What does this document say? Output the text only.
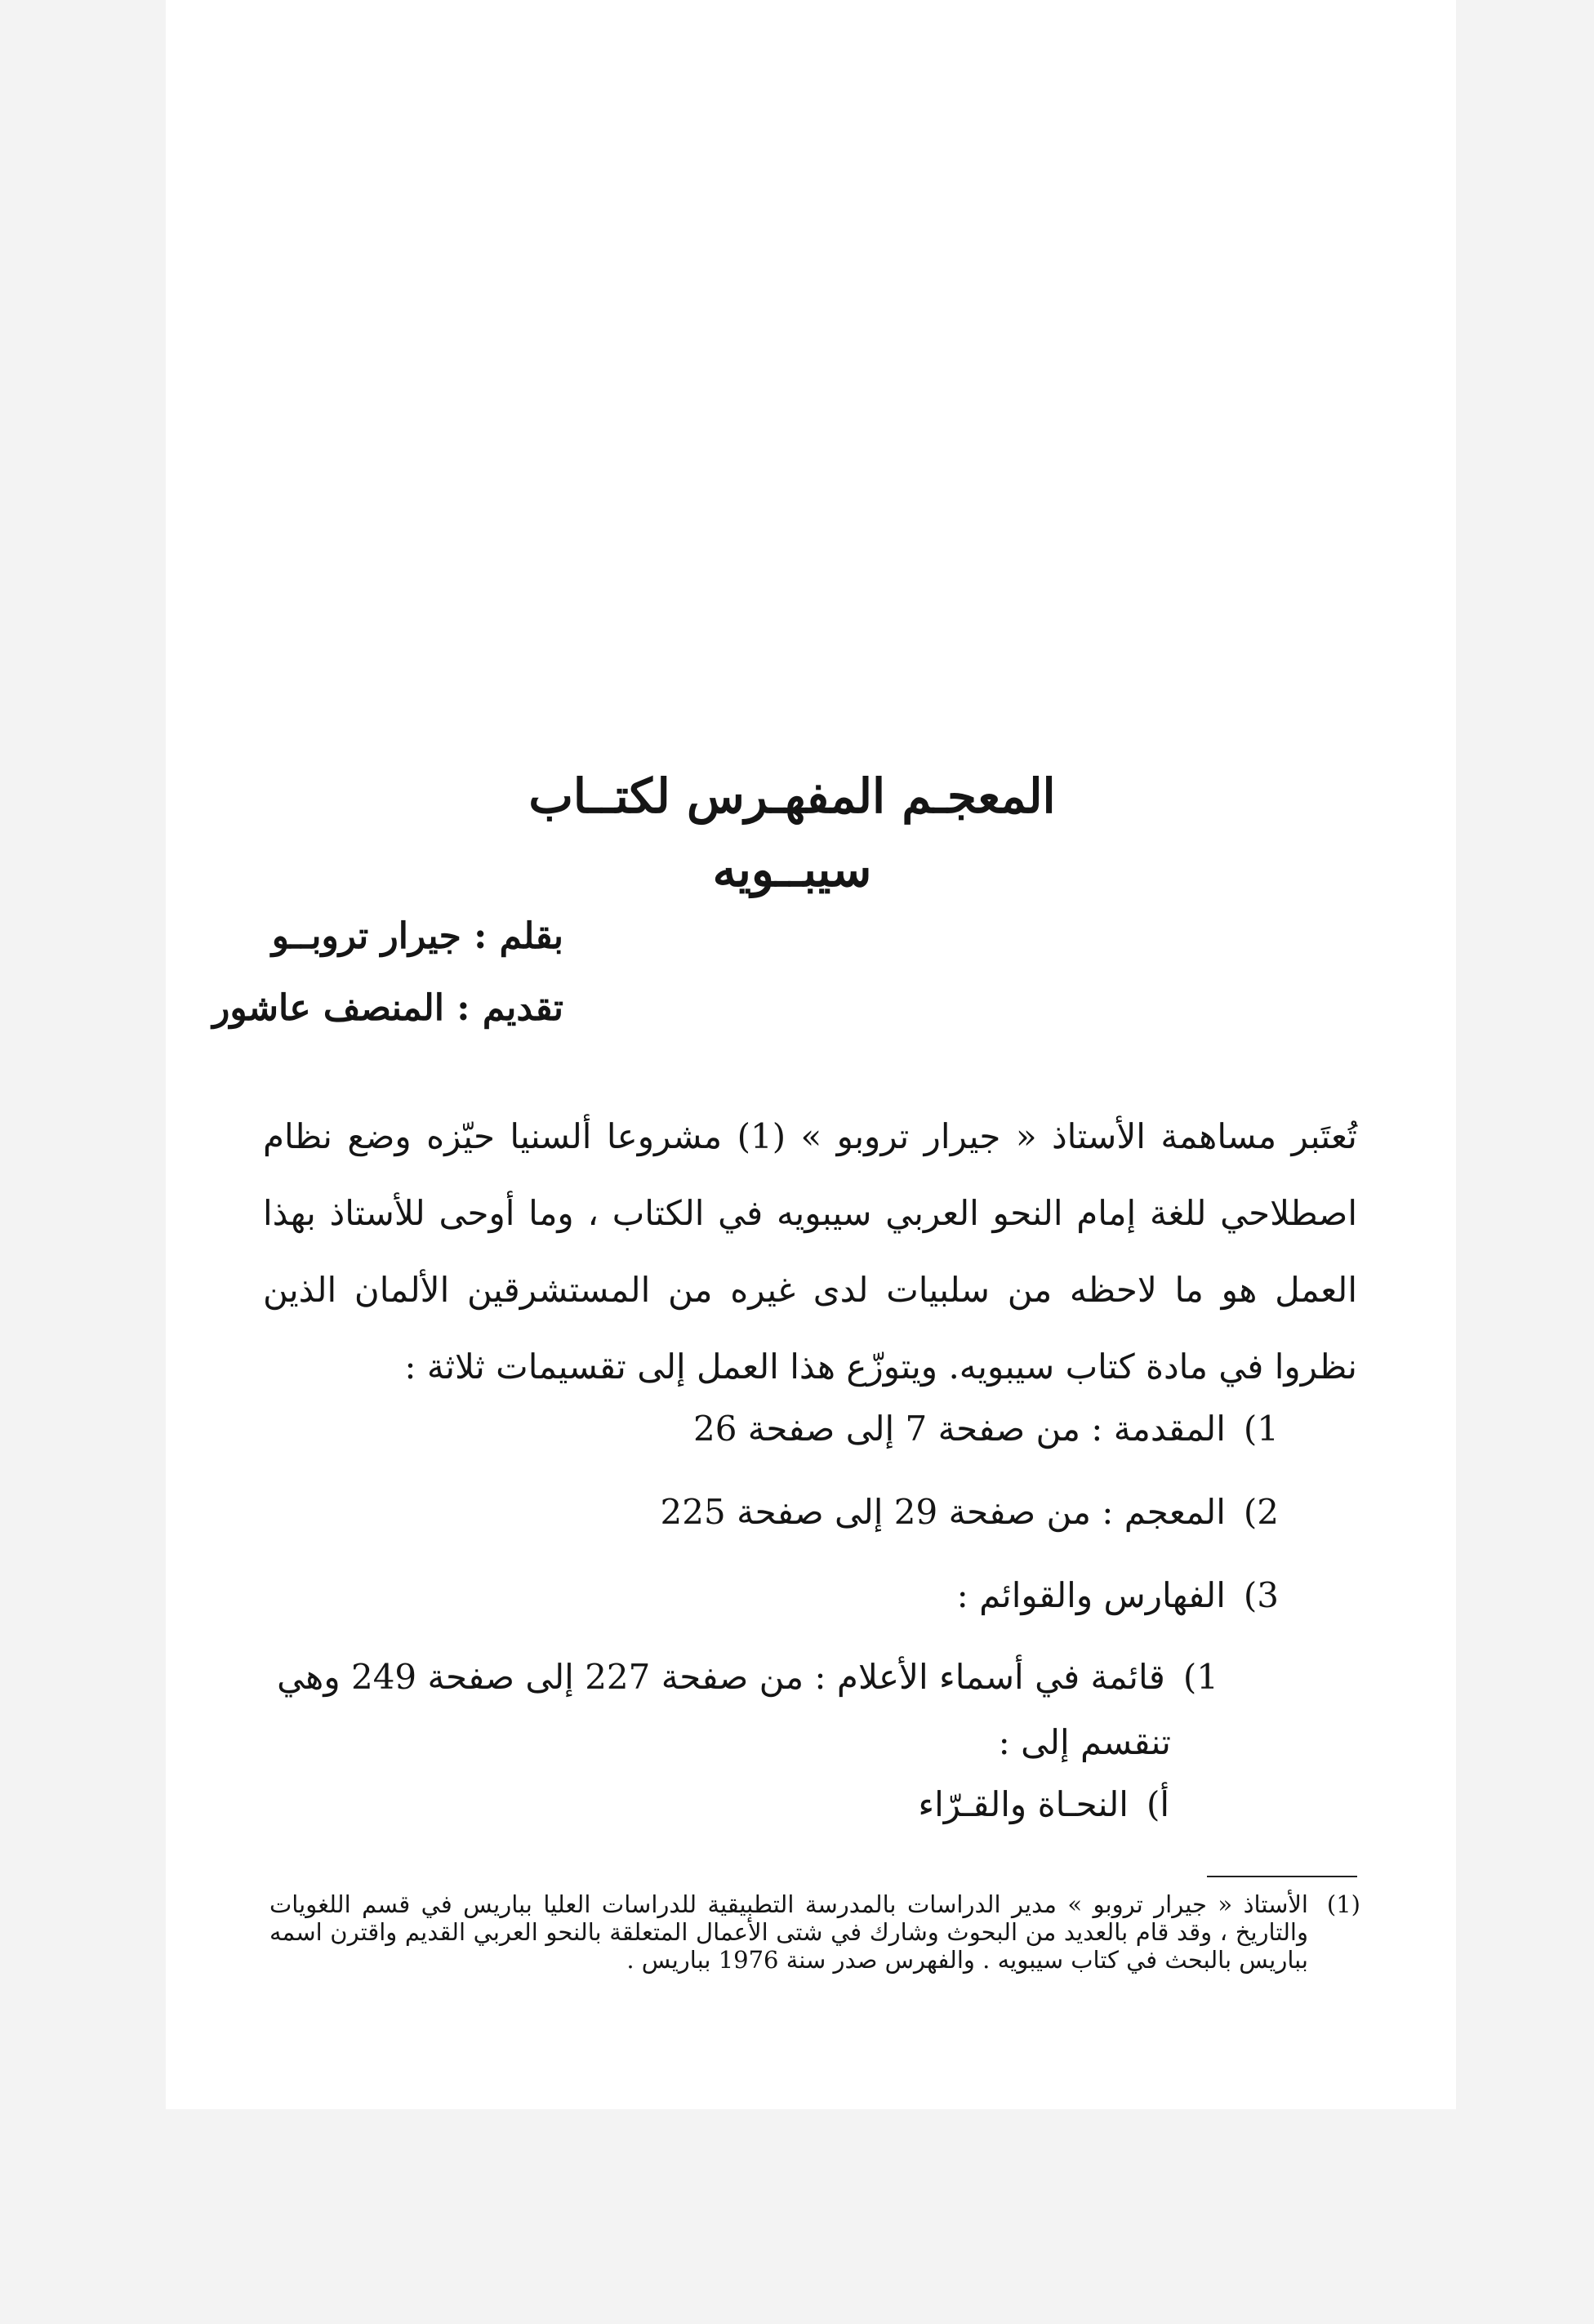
المعجـم المفهـرس لكتــاب سيبــويه
بقلم : جيرار تروبــو
تقديم : المنصف عاشور
تُعتَبر مساهمة الأستاذ « جيرار تروبو » (1) مشروعا ألسنيا حيّزه وضع نظام اصطلاحي للغة إمام النحو العربي سيبويه في الكتاب ، وما أوحى للأستاذ بهذا العمل هو ما لاحظه من سلبيات لدى غيره من المستشرقين الألمان الذين نظروا في مادة كتاب سيبويه. ويتوزّع هذا العمل إلى تقسيمات ثلاثة :
1)المقدمة : من صفحة 7 إلى صفحة 26
2)المعجم : من صفحة 29 إلى صفحة 225
3)الفهارس والقوائم :
1)قائمة في أسماء الأعلام : من صفحة 227 إلى صفحة 249 وهي
تنقسم إلى :
أ)النحـاة والقـرّاء
(1)
الأستاذ « جيرار تروبو » مدير الدراسات بالمدرسة التطبيقية للدراسات العليا بباريس في قسم اللغويات والتاريخ ، وقد قام بالعديد من البحوث وشارك في شتى الأعمال المتعلقة بالنحو العربي القديم واقترن اسمه بباريس بالبحث في كتاب سيبويه . والفهرس صدر سنة 1976 بباريس .
